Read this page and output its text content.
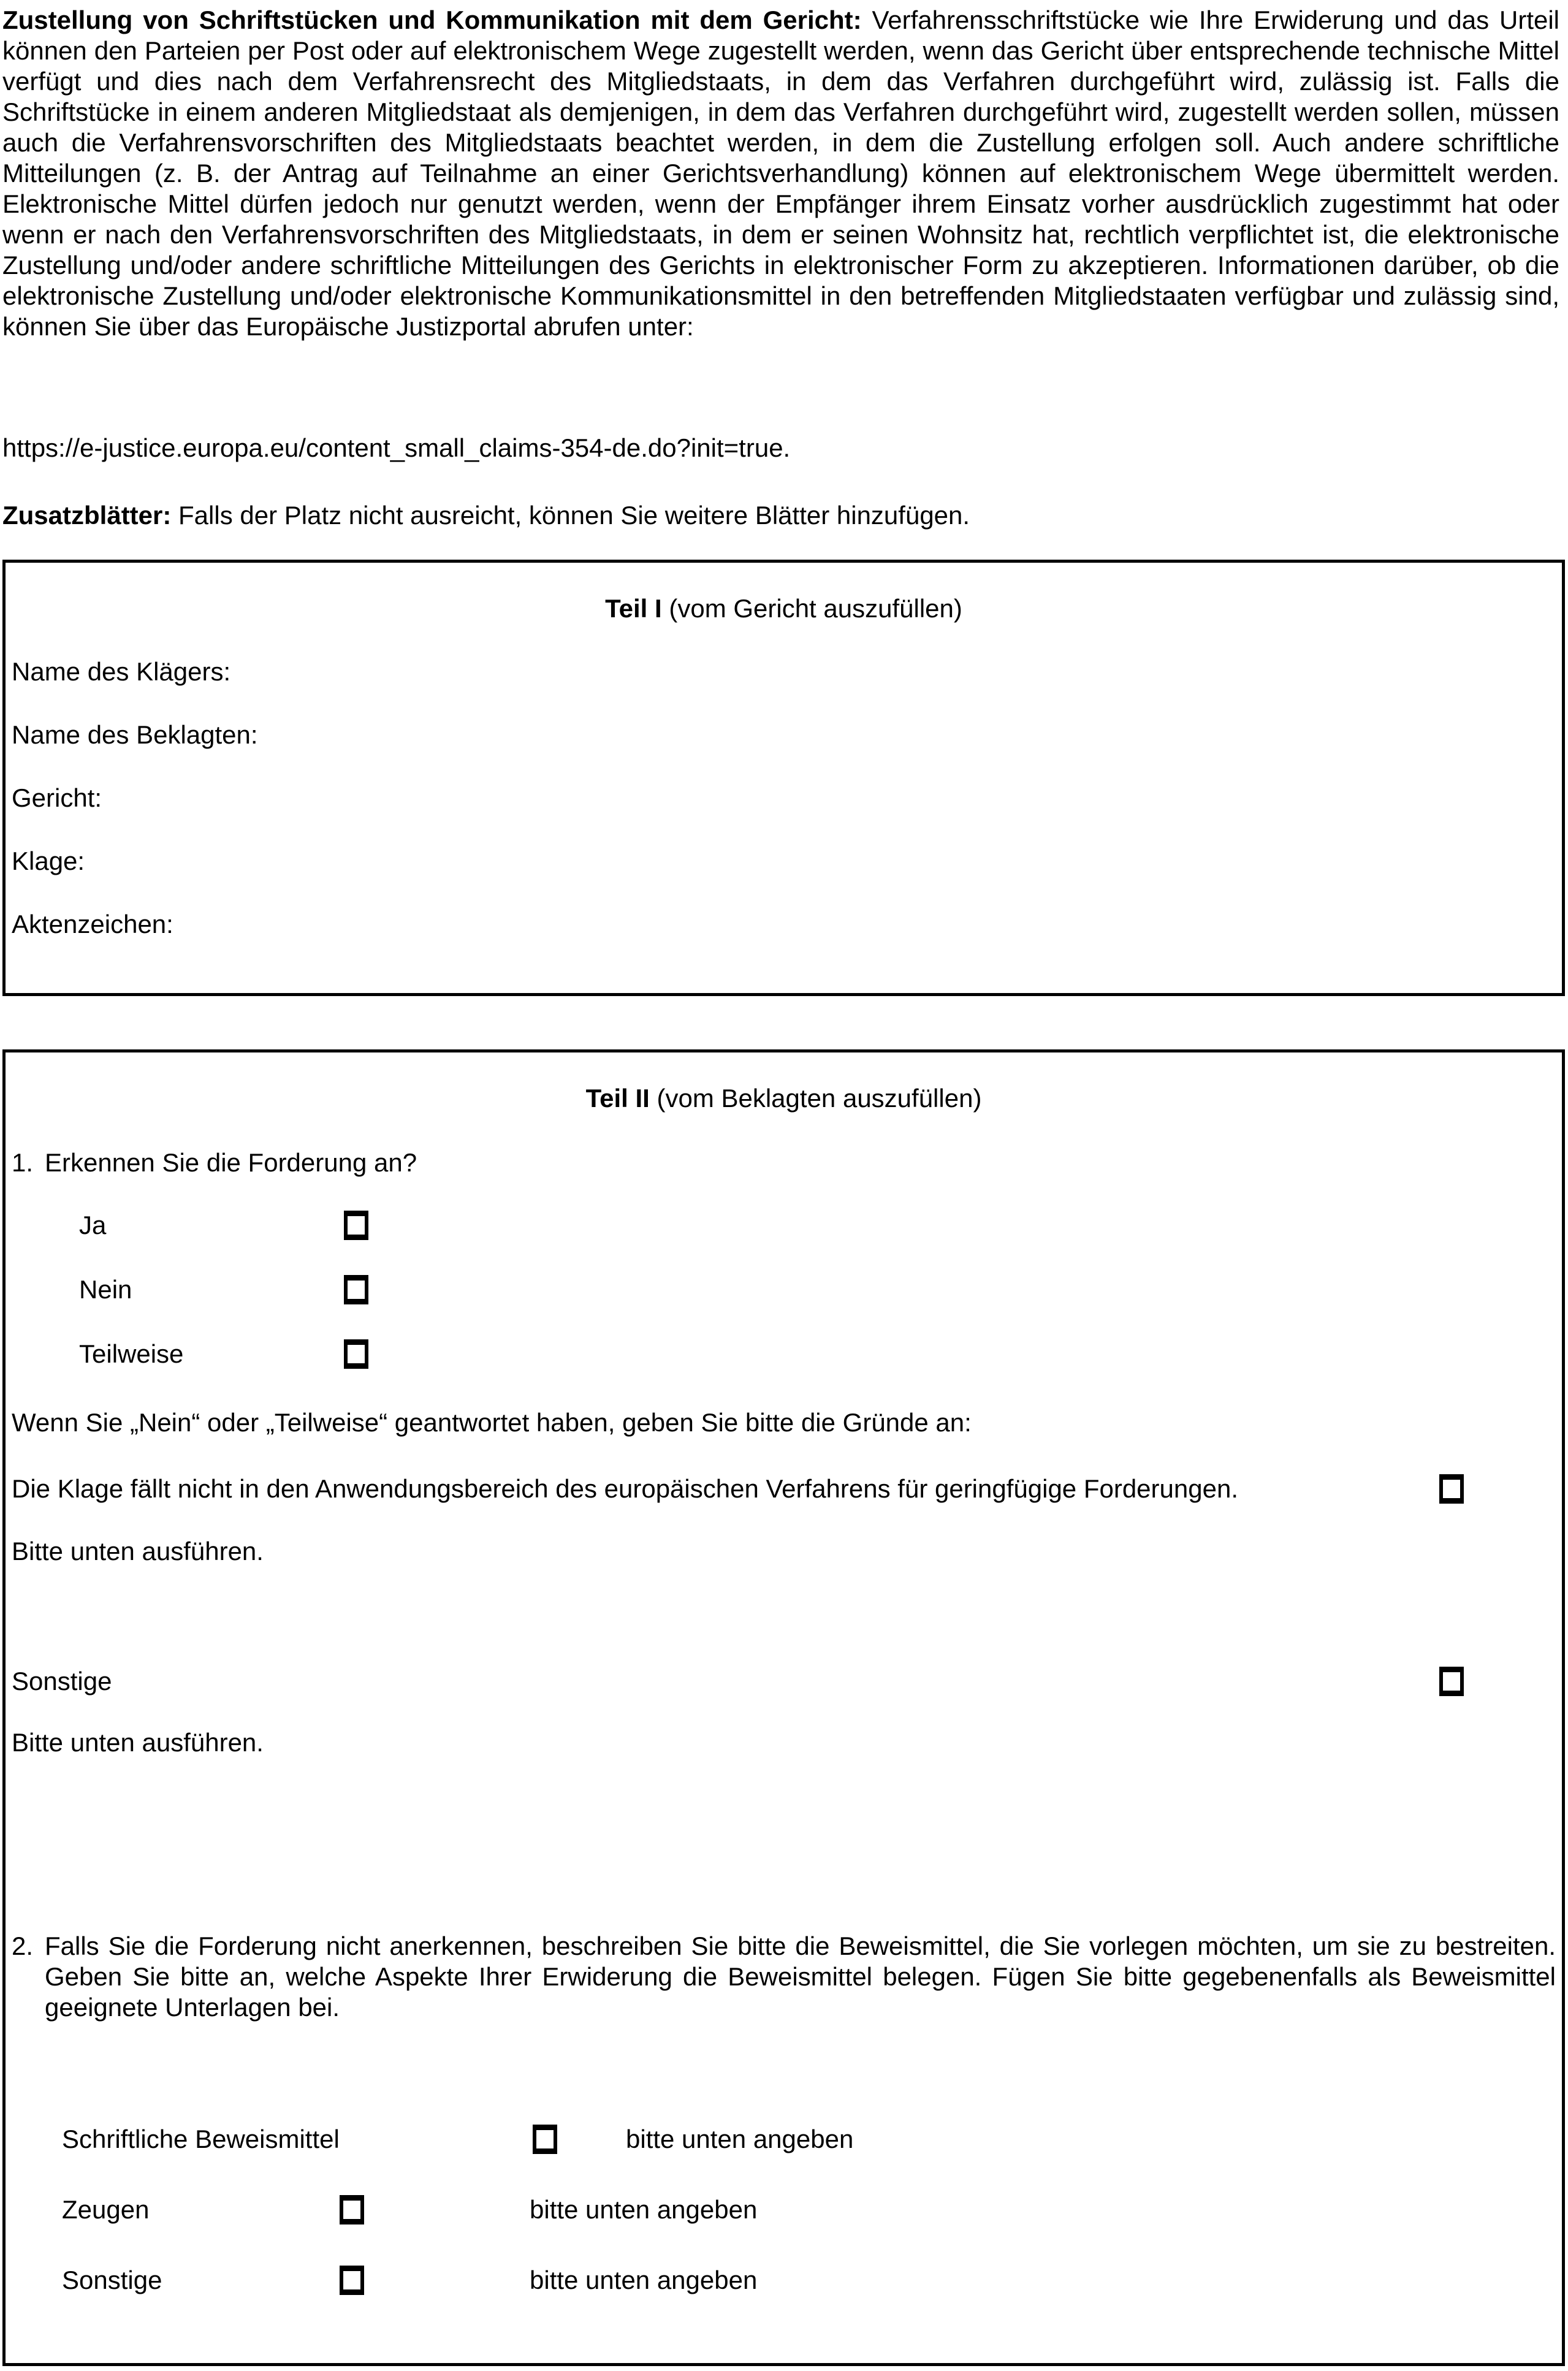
Zustellung von Schriftstücken und Kommunikation mit dem Gericht: Verfahrensschriftstücke wie Ihre Erwiderung und das Urteil können den Parteien per Post oder auf elektronischem Wege zugestellt werden, wenn das Gericht über entsprechende technische Mittel verfügt und dies nach dem Verfahrensrecht des Mitgliedstaats, in dem das Verfahren durchgeführt wird, zulässig ist. Falls die Schriftstücke in einem anderen Mitgliedstaat als demjenigen, in dem das Verfahren durchgeführt wird, zugestellt werden sollen, müssen auch die Verfahrensvorschriften des Mitgliedstaats beachtet werden, in dem die Zustellung erfolgen soll. Auch andere schriftliche Mitteilungen (z. B. der Antrag auf Teilnahme an einer Gerichtsverhandlung) können auf elektronischem Wege übermittelt werden. Elektronische Mittel dürfen jedoch nur genutzt werden, wenn der Empfänger ihrem Einsatz vorher ausdrücklich zugestimmt hat oder wenn er nach den Verfahrensvorschriften des Mitgliedstaats, in dem er seinen Wohnsitz hat, rechtlich verpflichtet ist, die elektronische Zustellung und/oder andere schriftliche Mitteilungen des Gerichts in elektronischer Form zu akzeptieren. Informationen darüber, ob die elektronische Zustellung und/oder elektronische Kommunikationsmittel in den betreffenden Mitgliedstaaten verfügbar und zulässig sind, können Sie über das Europäische Justizportal abrufen unter:

https://e-justice.europa.eu/content_small_claims-354-de.do?init=true.

Zusatzblätter: Falls der Platz nicht ausreicht, können Sie weitere Blätter hinzufügen.

Teil I (vom Gericht auszufüllen)
Name des Klägers:
Name des Beklagten:
Gericht:
Klage:
Aktenzeichen:
Teil II (vom Beklagten auszufüllen)
1. Erkennen Sie die Forderung an?
Ja
Nein
Teilweise
Wenn Sie „Nein“ oder „Teilweise“ geantwortet haben, geben Sie bitte die Gründe an:
Die Klage fällt nicht in den Anwendungsbereich des europäischen Verfahrens für geringfügige Forderungen.
Bitte unten ausführen.
Sonstige
Bitte unten ausführen.
2. Falls Sie die Forderung nicht anerkennen, beschreiben Sie bitte die Beweismittel, die Sie vorlegen möchten, um sie zu bestreiten. Geben Sie bitte an, welche Aspekte Ihrer Erwiderung die Beweismittel belegen. Fügen Sie bitte gegebenenfalls als Beweismittel geeignete Unterlagen bei.
Schriftliche Beweismittel	bitte unten angeben
Zeugen	bitte unten angeben
Sonstige	bitte unten angeben
